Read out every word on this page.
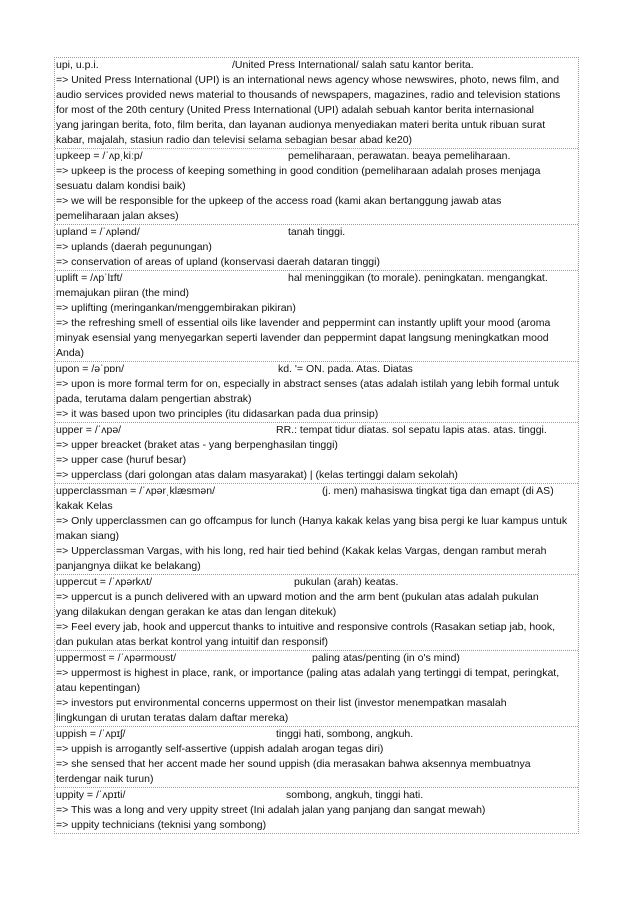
upi, u.p.i.	/United Press International/ salah satu kantor berita.
=> United Press International (UPI) is an international news agency whose newswires, photo, news film, and
audio services provided news material to thousands of newspapers, magazines, radio and television stations
for most of the 20th century (United Press International (UPI) adalah sebuah kantor berita internasional
yang jaringan berita, foto, film berita, dan layanan audionya menyediakan materi berita untuk ribuan surat
kabar, majalah, stasiun radio dan televisi selama sebagian besar abad ke20)
upkeep = /ˈʌpˌkiːp/	pemeliharaan, perawatan. beaya pemeliharaan.
=> upkeep is the process of keeping something in good condition (pemeliharaan adalah proses menjaga
sesuatu dalam kondisi baik)
=> we will be responsible for the upkeep of the access road (kami akan bertanggung jawab atas
pemeliharaan jalan akses)
upland = /ˈʌplənd/	tanah tinggi.
=> uplands (daerah pegunungan)
=> conservation of areas of upland (konservasi daerah dataran tinggi)
uplift = /ʌpˈlɪft/	hal meninggikan (to morale). peningkatan. mengangkat.
memajukan piiran (the mind)
=> uplifting (meringankan/menggembirakan pikiran)
=> the refreshing smell of essential oils like lavender and peppermint can instantly uplift your mood (aroma
minyak esensial yang menyegarkan seperti lavender dan peppermint dapat langsung meningkatkan mood
Anda)
upon = /əˈpɒn/	kd. '= ON. pada. Atas. Diatas
=> upon is more formal term for on, especially in abstract senses (atas adalah istilah yang lebih formal untuk
pada, terutama dalam pengertian abstrak)
=> it was based upon two principles (itu didasarkan pada dua prinsip)
upper = /ˈʌpə/	RR.: tempat tidur diatas. sol sepatu lapis atas. atas. tinggi.
=> upper breacket (braket atas - yang berpenghasilan tinggi)
=> upper case (huruf besar)
=> upperclass (dari golongan atas dalam masyarakat) | (kelas tertinggi dalam sekolah)
upperclassman = /ˈʌpərˌklæsmən/	(j. men) mahasiswa tingkat tiga dan emapt (di AS)
kakak Kelas
=> Only upperclassmen can go offcampus for lunch (Hanya kakak kelas yang bisa pergi ke luar kampus untuk
makan siang)
=> Upperclassman Vargas, with his long, red hair tied behind (Kakak kelas Vargas, dengan rambut merah
panjangnya diikat ke belakang)
uppercut = /ˈʌpərkʌt/	pukulan (arah) keatas.
=> uppercut is a punch delivered with an upward motion and the arm bent (pukulan atas adalah pukulan
yang dilakukan dengan gerakan ke atas dan lengan ditekuk)
=> Feel every jab, hook and uppercut thanks to intuitive and responsive controls (Rasakan setiap jab, hook,
dan pukulan atas berkat kontrol yang intuitif dan responsif)
uppermost = /ˈʌpərmoʊst/	paling atas/penting (in o's mind)
=> uppermost is highest in place, rank, or importance (paling atas adalah yang tertinggi di tempat, peringkat,
atau kepentingan)
=> investors put environmental concerns uppermost on their list (investor menempatkan masalah
lingkungan di urutan teratas dalam daftar mereka)
uppish = /ˈʌpɪʃ/	tinggi hati, sombong, angkuh.
=> uppish is arrogantly self-assertive (uppish adalah arogan tegas diri)
=> she sensed that her accent made her sound uppish (dia merasakan bahwa aksennya membuatnya
terdengar naik turun)
uppity = /ˈʌpɪti/	sombong, angkuh, tinggi hati.
=> This was a long and very uppity street (Ini adalah jalan yang panjang dan sangat mewah)
=> uppity technicians (teknisi yang sombong)
